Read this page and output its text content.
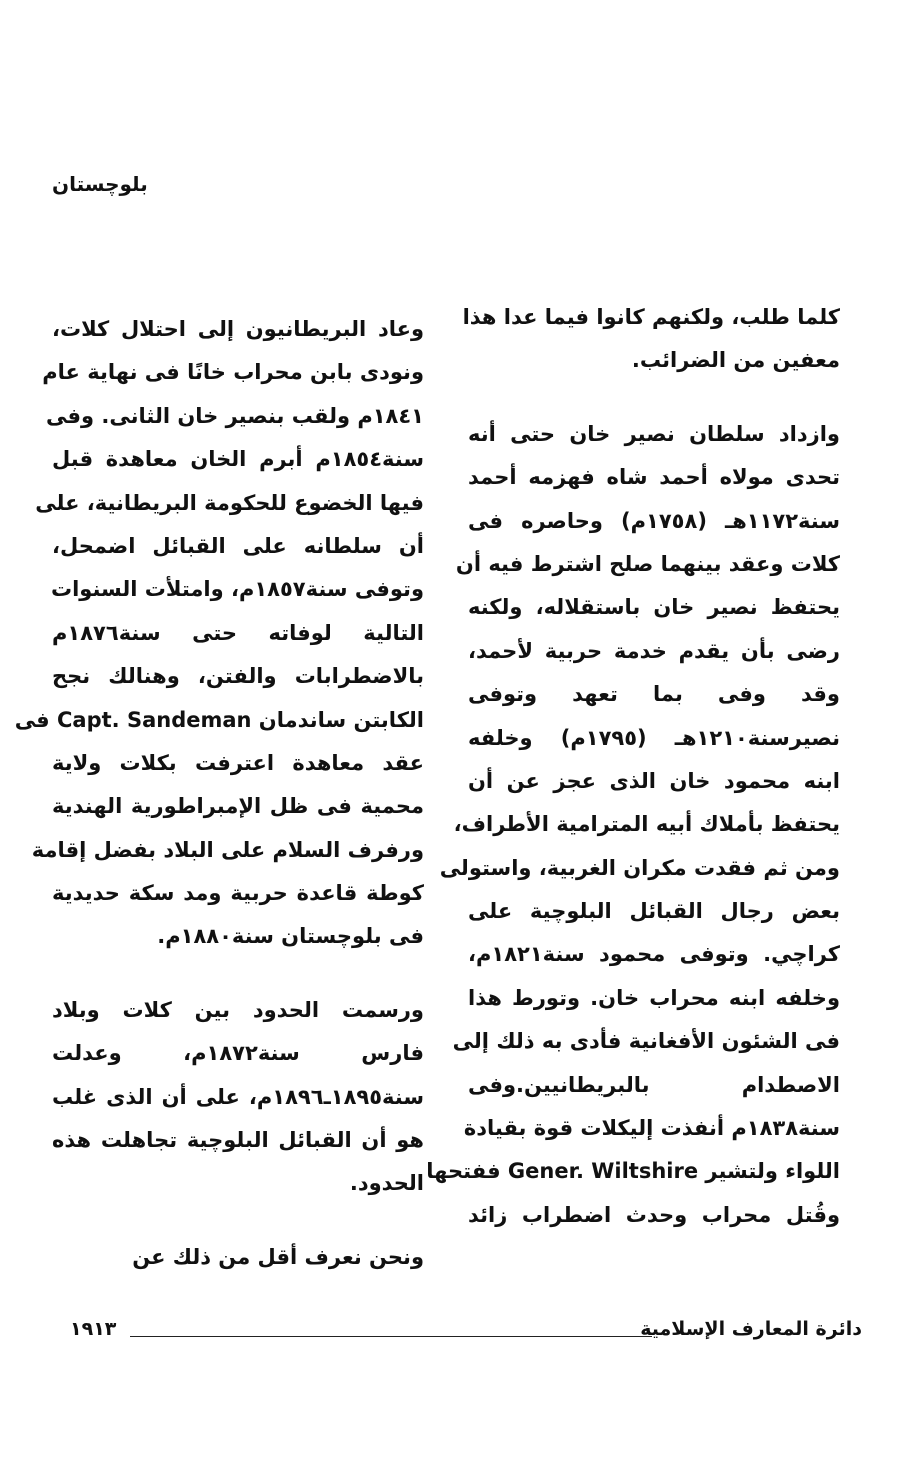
بلوچستان
كلما طلب، ولكنهم كانوا فيما عدا هذا
معفين من الضرائب.
وازداد سلطان نصير خان حتى أنه
تحدى مولاه أحمد شاه فهزمه أحمد
سنة١١٧٢هـ (١٧٥٨م) وحاصره فى
كلات وعقد بينهما صلح اشترط فيه أن
يحتفظ نصير خان باستقلاله، ولكنه
رضى بأن يقدم خدمة حربية لأحمد،
وقد وفى بما تعهد وتوفى
نصيرسنة١٢١٠هـ (١٧٩٥م) وخلفه
ابنه محمود خان الذى عجز عن أن
يحتفظ بأملاك أبيه المترامية الأطراف،
ومن ثم فقدت مكران الغربية، واستولى
بعض رجال القبائل البلوچية على
كراچي. وتوفى محمود سنة١٨٢١م،
وخلفه ابنه محراب خان. وتورط هذا
فى الشئون الأفغانية فأدى به ذلك إلى
الاصطدام بالبريطانيين.وفى
سنة١٨٣٨م أنفذت إليكلات قوة بقيادة
اللواء ولتشير Gener. Wiltshire ففتحها
وقُتل محراب وحدث اضطراب زائد
وعاد البريطانيون إلى احتلال كلات،
ونودى بابن محراب خانًا فى نهاية عام
١٨٤١م ولقب بنصير خان الثانى. وفى
سنة١٨٥٤م أبرم الخان معاهدة قبل
فيها الخضوع للحكومة البريطانية، على
أن سلطانه على القبائل اضمحل،
وتوفى سنة١٨٥٧م، وامتلأت السنوات
التالية لوفاته حتى سنة١٨٧٦م
بالاضطرابات والفتن، وهنالك نجح
الكابتن ساندمان Capt. Sandeman فى
عقد معاهدة اعترفت بكلات ولاية
محمية فى ظل الإمبراطورية الهندية
ورفرف السلام على البلاد بفضل إقامة
كوطة قاعدة حربية ومد سكة حديدية
فى بلوچستان سنة١٨٨٠م.
ورسمت الحدود بين كلات وبلاد
فارس سنة١٨٧٢م، وعدلت
سنة١٨٩٥ـ١٨٩٦م، على أن الذى غلب
هو أن القبائل البلوچية تجاهلت هذه
الحدود.
ونحن نعرف أقل من ذلك عن
دائرة المعارف الإسلامية
١٩١٣
